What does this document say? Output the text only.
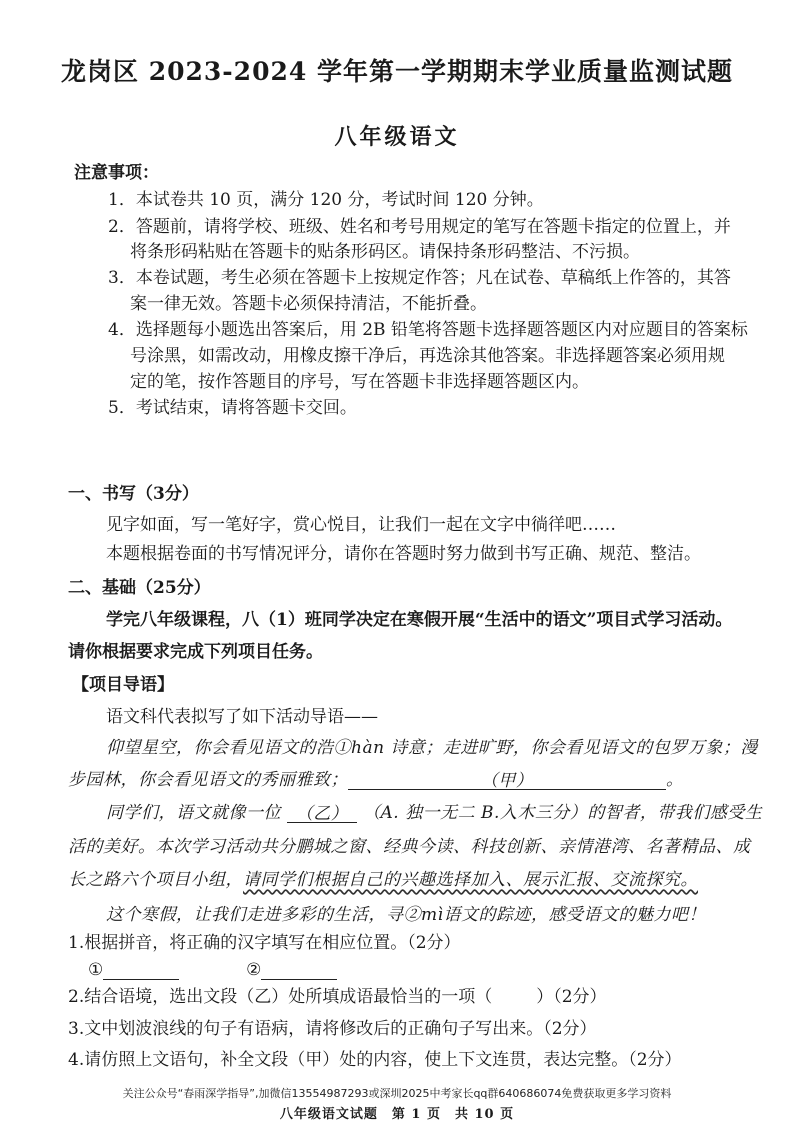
龙岗区 2023-2024 学年第一学期期末学业质量监测试题
八年级语文
注意事项：
1．本试卷共 10 页，满分 120 分，考试时间 120 分钟。
2．答题前，请将学校、班级、姓名和考号用规定的笔写在答题卡指定的位置上，并
将条形码粘贴在答题卡的贴条形码区。请保持条形码整洁、不污损。
3．本卷试题，考生必须在答题卡上按规定作答；凡在试卷、草稿纸上作答的，其答
案一律无效。答题卡必须保持清洁，不能折叠。
4．选择题每小题选出答案后，用 2B 铅笔将答题卡选择题答题区内对应题目的答案标
号涂黑，如需改动，用橡皮擦干净后，再选涂其他答案。非选择题答案必须用规
定的笔，按作答题目的序号，写在答题卡非选择题答题区内。
5．考试结束，请将答题卡交回。
一、书写（3分）
见字如面，写一笔好字，赏心悦目，让我们一起在文字中徜徉吧……
本题根据卷面的书写情况评分，请你在答题时努力做到书写正确、规范、整洁。
二、基础（25分）
学完八年级课程，八（1）班同学决定在寒假开展“生活中的语文”项目式学习活动。
请你根据要求完成下列项目任务。
【项目导语】
语文科代表拟写了如下活动导语——
仰望星空，你会看见语文的浩①hàn 诗意；走进旷野，你会看见语文的包罗万象；漫
步园林，你会看见语文的秀丽雅致；	（甲）	。
同学们，语文就像一位 （乙） （A. 独一无二 B.入木三分）的智者，带我们感受生
活的美好。本次学习活动共分鹏城之窗、经典今读、科技创新、亲情港湾、名著精品、成
长之路六个项目小组，请同学们根据自己的兴趣选择加入、展示汇报、交流探究。
这个寒假，让我们走进多彩的生活，寻②mì语文的踪迹，感受语文的魅力吧！
1.根据拼音，将正确的汉字填写在相应位置。（2分）
①	②
2.结合语境，选出文段（乙）处所填成语最恰当的一项（	）（2分）
3.文中划波浪线的句子有语病，请将修改后的正确句子写出来。（2分）
4.请仿照上文语句，补全文段（甲）处的内容，使上下文连贯，表达完整。（2分）
关注公众号“春雨深学指导”,加微信13554987293或深圳2025中考家长qq群640686074免费获取更多学习资料
八年级语文试题　第 1 页　共 10 页
